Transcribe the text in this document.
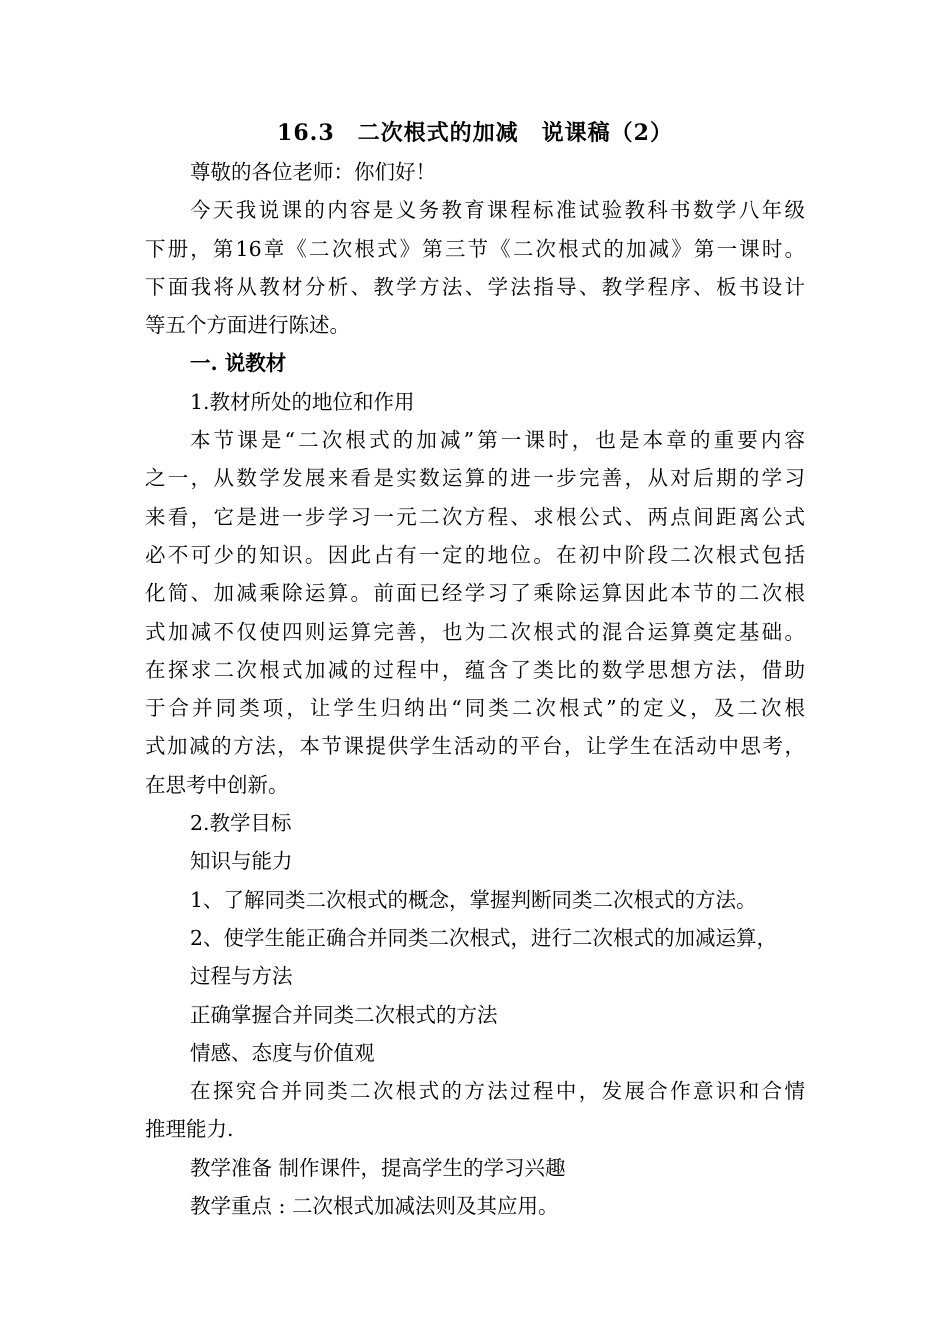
16.3　二次根式的加减　说课稿（2）
尊敬的各位老师：你们好！
今天我说课的内容是义务教育课程标准试验教科书数学八年级
下册，第16章《二次根式》第三节《二次根式的加减》第一课时。
下面我将从教材分析、教学方法、学法指导、教学程序、板书设计
等五个方面进行陈述。
一. 说教材
1.教材所处的地位和作用
本节课是“二次根式的加减”第一课时，也是本章的重要内容
之一，从数学发展来看是实数运算的进一步完善，从对后期的学习
来看，它是进一步学习一元二次方程、求根公式、两点间距离公式
必不可少的知识。因此占有一定的地位。在初中阶段二次根式包括
化简、加减乘除运算。前面已经学习了乘除运算因此本节的二次根
式加减不仅使四则运算完善，也为二次根式的混合运算奠定基础。
在探求二次根式加减的过程中，蕴含了类比的数学思想方法，借助
于合并同类项，让学生归纳出“同类二次根式”的定义，及二次根
式加减的方法，本节课提供学生活动的平台，让学生在活动中思考，
在思考中创新。
2.教学目标
知识与能力
1、了解同类二次根式的概念，掌握判断同类二次根式的方法。
2、使学生能正确合并同类二次根式，进行二次根式的加减运算，
过程与方法
正确掌握合并同类二次根式的方法
情感、态度与价值观
在探究合并同类二次根式的方法过程中，发展合作意识和合情
推理能力.
教学准备 制作课件，提高学生的学习兴趣
教学重点 : 二次根式加减法则及其应用。
